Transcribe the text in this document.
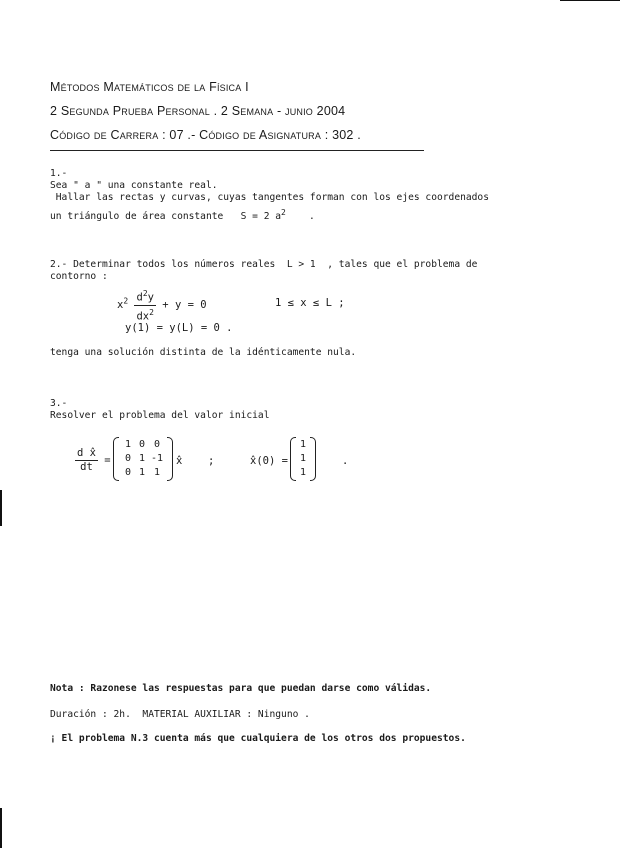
Métodos Matemáticos de la Física I
2 Segunda Prueba Personal . 2 Semana - junio 2004
Código de Carrera : 07 .- Código de Asignatura : 302 .
1.-
Sea " a " una constante real.
Hallar las rectas y curvas, cuyas tangentes forman con los ejes coordenados
un triángulo de área constante   S = 2 $a^2$ .
2.- Determinar todos los números reales  L > 1  , tales que el problema de
contorno :
$x^2 \frac{d^2y}{dx^2} + y = 0$	1 ≤ x ≤ L ;
y(1) = y(L) = 0 .
tenga una solución distinta de la idénticamente nula.
3.-
Resolver el problema del valor inicial
$\frac{\text{d x̂}}{dt}$ =
1 0 0
0 1 -1
0 1 1
x̂ ;	x̂(0) =
1
1
1
.
Nota : Razonese las respuestas para que puedan darse como válidas.
Duración : 2h.  MATERIAL AUXILIAR : Ninguno .
¡ El problema N.3 cuenta más que cualquiera de los otros dos propuestos.
